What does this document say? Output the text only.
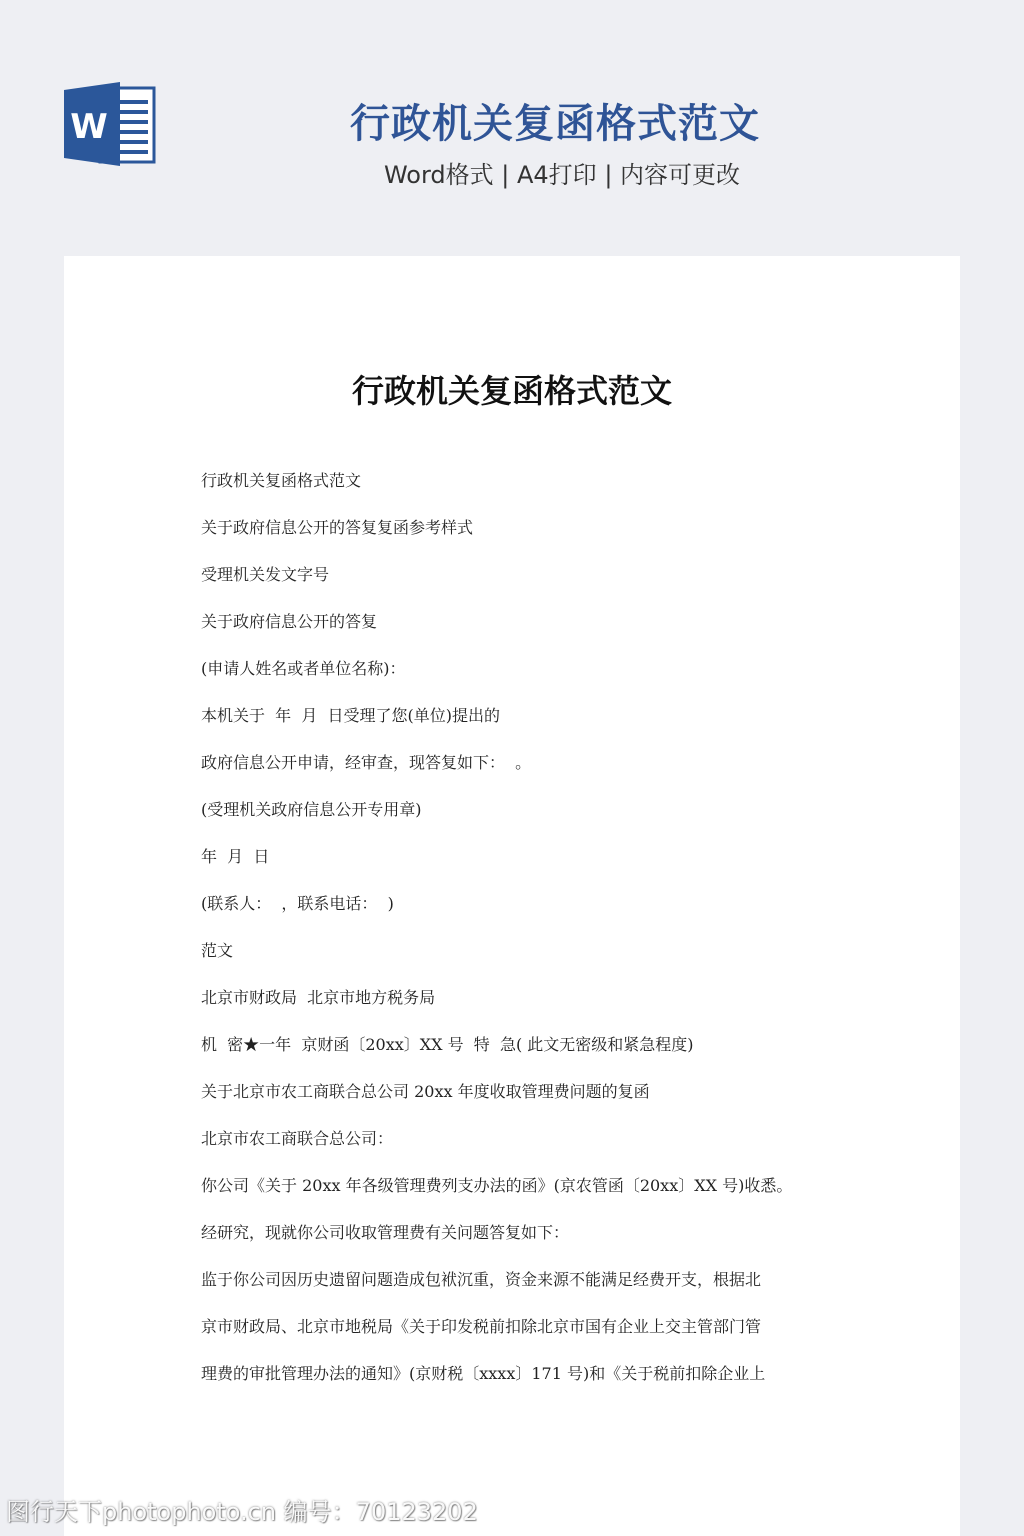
W	行政机关复函格式范文
Word格式 | A4打印 | 内容可更改
行政机关复函格式范文
行政机关复函格式范文
关于政府信息公开的答复复函参考样式
受理机关发文字号
关于政府信息公开的答复
(申请人姓名或者单位名称)：
本机关于  年  月  日受理了您(单位)提出的
政府信息公开申请，经审查，现答复如下：  。
(受理机关政府信息公开专用章)
年  月  日
(联系人：  ，联系电话：  )
范文
北京市财政局  北京市地方税务局
机  密★一年  京财函〔20xx〕XX 号  特  急( 此文无密级和紧急程度)
关于北京市农工商联合总公司 20xx 年度收取管理费问题的复函
北京市农工商联合总公司：
你公司《关于 20xx 年各级管理费列支办法的函》(京农管函〔20xx〕XX 号)收悉。
经研究，现就你公司收取管理费有关问题答复如下：
监于你公司因历史遗留问题造成包袱沉重，资金来源不能满足经费开支，根据北
京市财政局、北京市地税局《关于印发税前扣除北京市国有企业上交主管部门管
理费的审批管理办法的通知》(京财税〔xxxx〕171 号)和《关于税前扣除企业上
图行天下photophoto.cn 编号：70123202
